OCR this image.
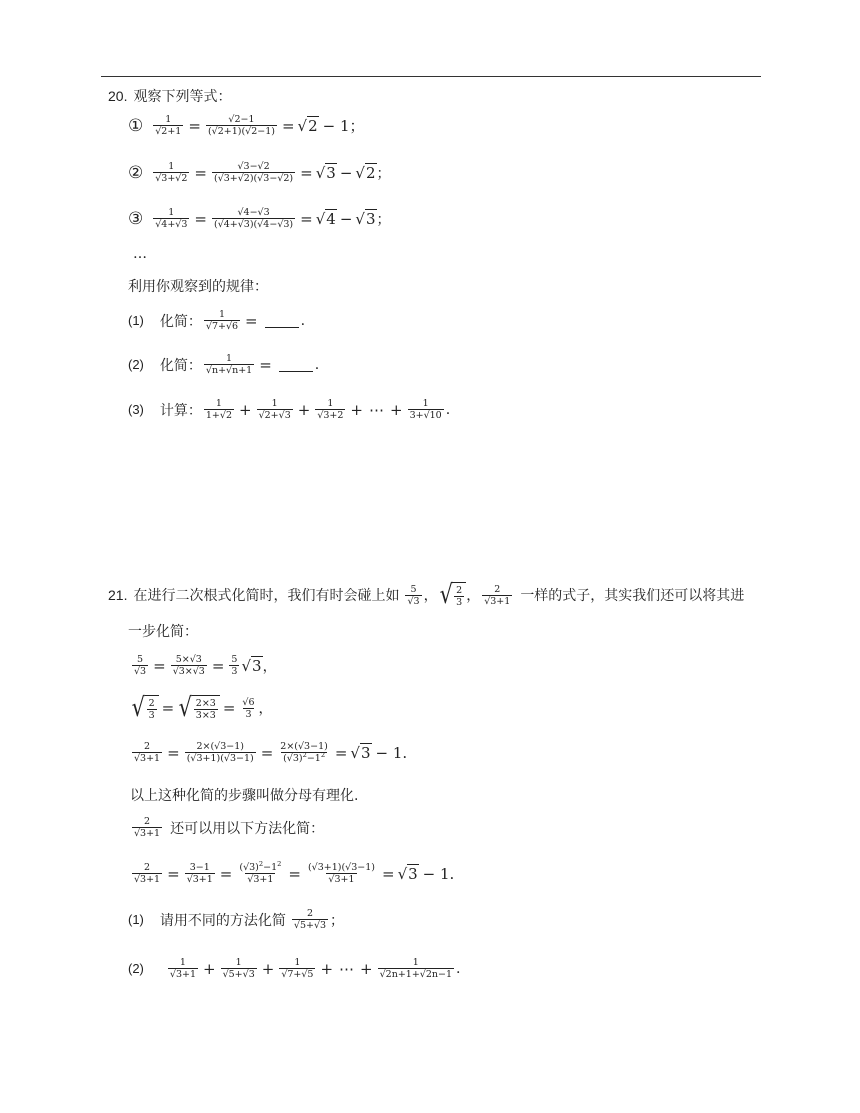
20. 观察下列等式：
① $\frac{1}{√2+1} = \frac{√2-1}{(√2+1)(√2-1)} = √2 - 1$；
② $\frac{1}{√3+√2} = \frac{√3-√2}{(√3+√2)(√3-√2)} = √3 - √2$ ；
③ $\frac{1}{√4+√3} = \frac{√4-√3}{(√4+√3)(√4-√3)} = √4 - √3$ ；
…
利用你观察到的规律：
(1) 化简： $\frac{1}{√7+√6}$ =	.
(2) 化简： $\frac{1}{√n+√n+1}$ =	.
(3) 计算： $\frac{1}{1+√2} + \frac{1}{√2+√3} + \frac{1}{√3+2}$ + ⋯ + $\frac{1}{3+√10}$ .
21. 在进行二次根式化简时，我们有时会碰上如 $\frac{5}{√3}$ ， √ $\frac{2}{3}$ ， $\frac{2}{√3+1}$ 一样的式子，其实我们还可以将其进
一步化简：
$\frac{5}{√3} = \frac{5\times√3}{√3\times√3} = \frac{5}{3} √3$ ，
√ $\frac{2}{3}$ = √ $\frac{2\times 3}{3\times 3} = \frac{√6}{3}$ ，
$\frac{2}{√3+1} = \frac{2\times(√3-1)}{(√3+1)(√3-1)} = \frac{2\times(√3-1)}{(√3)^2-1^2} = √3 - 1$.
以上这种化简的步骤叫做分母有理化.
$\frac{2}{√3+1}$ 还可以用以下方法化简：
$\frac{2}{√3+1} = \frac{3-1}{√3+1} = \frac{(√3)^2-1^2}{√3+1} = \frac{(√3+1)(√3-1)}{√3+1} = √3 - 1$.
(1) 请用不同的方法化简 $\frac{2}{√5+√3}$ ；
(2)	$\frac{1}{√3+1} + \frac{1}{√5+√3} + \frac{1}{√7+√5}$ + ⋯ + $\frac{1}{√2n+1+√2n-1}$ .
